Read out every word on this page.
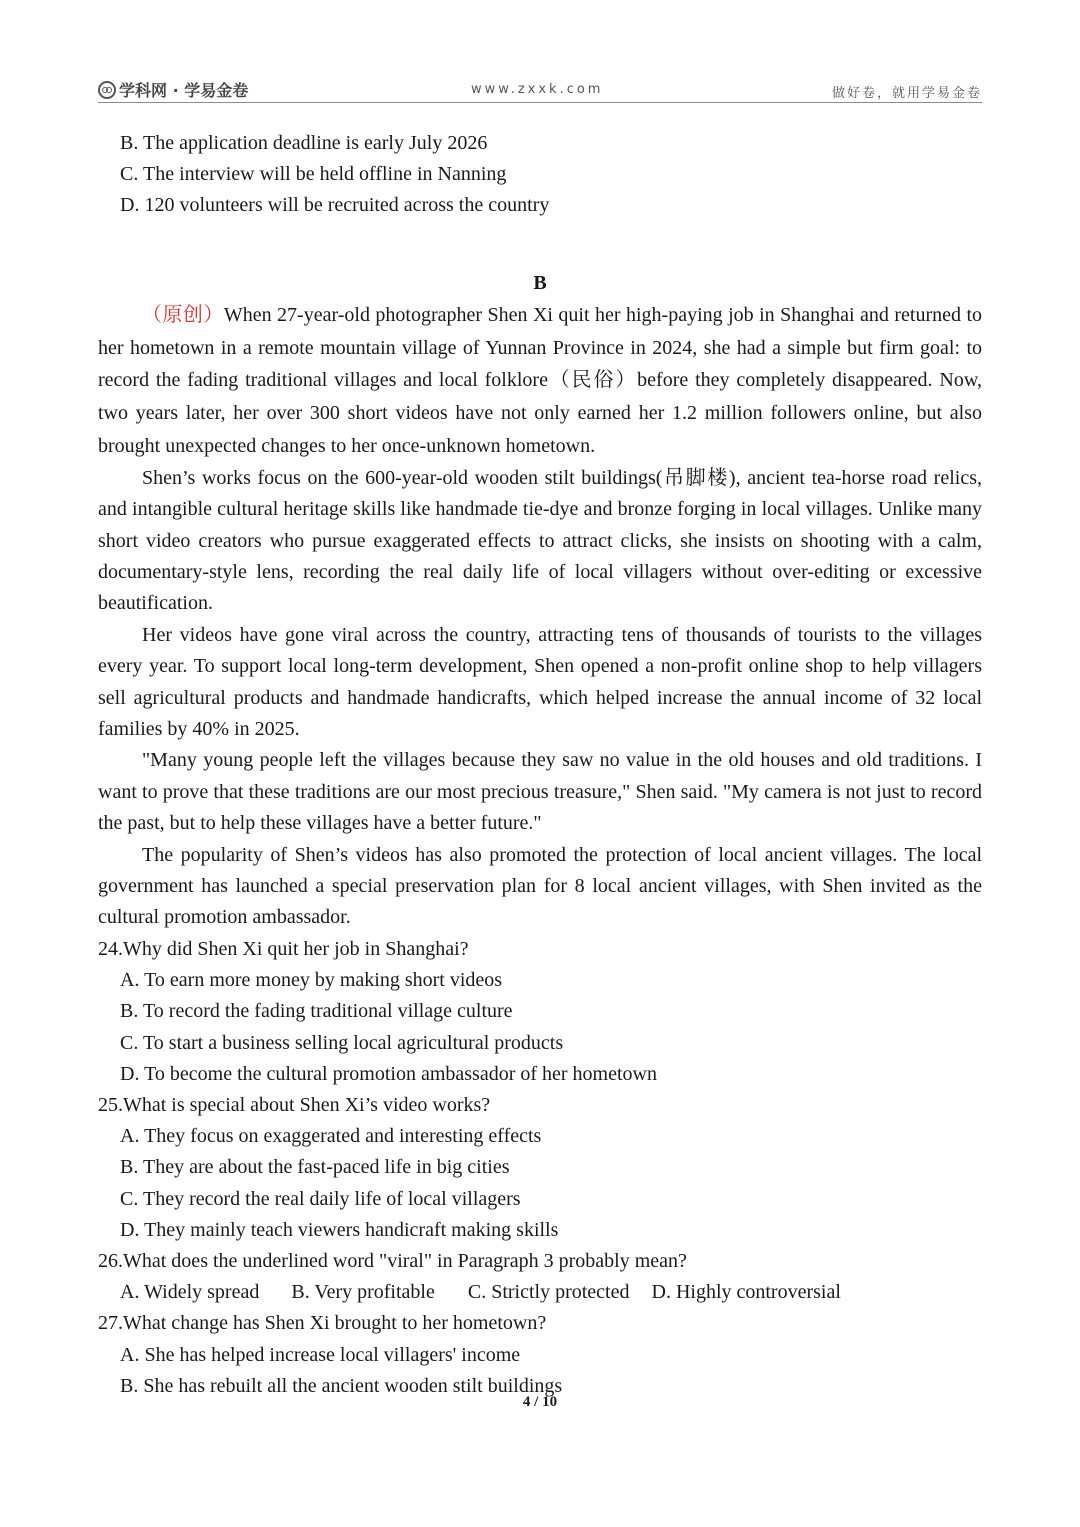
学科网 · 学易金卷	www.zxxk.com	做好卷，就用学易金卷
B. The application deadline is early July 2026
C. The interview will be held offline in Nanning
D. 120 volunteers will be recruited across the country
B

（原创）When 27-year-old photographer Shen Xi quit her high-paying job in Shanghai and returned to her hometown in a remote mountain village of Yunnan Province in 2024, she had a simple but firm goal: to record the fading traditional villages and local folklore（民俗）before they completely disappeared. Now, two years later, her over 300 short videos have not only earned her 1.2 million followers online, but also brought unexpected changes to her once-unknown hometown.

Shen’s works focus on the 600-year-old wooden stilt buildings(吊脚楼), ancient tea-horse road relics, and intangible cultural heritage skills like handmade tie-dye and bronze forging in local villages. Unlike many short video creators who pursue exaggerated effects to attract clicks, she insists on shooting with a calm, documentary-style lens, recording the real daily life of local villagers without over-editing or excessive beautification.

Her videos have gone viral across the country, attracting tens of thousands of tourists to the villages every year. To support local long-term development, Shen opened a non-profit online shop to help villagers sell agricultural products and handmade handicrafts, which helped increase the annual income of 32 local families by 40% in 2025.

"Many young people left the villages because they saw no value in the old houses and old traditions. I want to prove that these traditions are our most precious treasure," Shen said. "My camera is not just to record the past, but to help these villages have a better future."

The popularity of Shen’s videos has also promoted the protection of local ancient villages. The local government has launched a special preservation plan for 8 local ancient villages, with Shen invited as the cultural promotion ambassador.

24.Why did Shen Xi quit her job in Shanghai?
A. To earn more money by making short videos
B. To record the fading traditional village culture
C. To start a business selling local agricultural products
D. To become the cultural promotion ambassador of her hometown
25.What is special about Shen Xi’s video works?
A. They focus on exaggerated and interesting effects
B. They are about the fast-paced life in big cities
C. They record the real daily life of local villagers
D. They mainly teach viewers handicraft making skills
26.What does the underlined word "viral" in Paragraph 3 probably mean?
A. Widely spread B. Very profitable C. Strictly protected D. Highly controversial
27.What change has Shen Xi brought to her hometown?
A. She has helped increase local villagers' income
B. She has rebuilt all the ancient wooden stilt buildings
4 / 10
